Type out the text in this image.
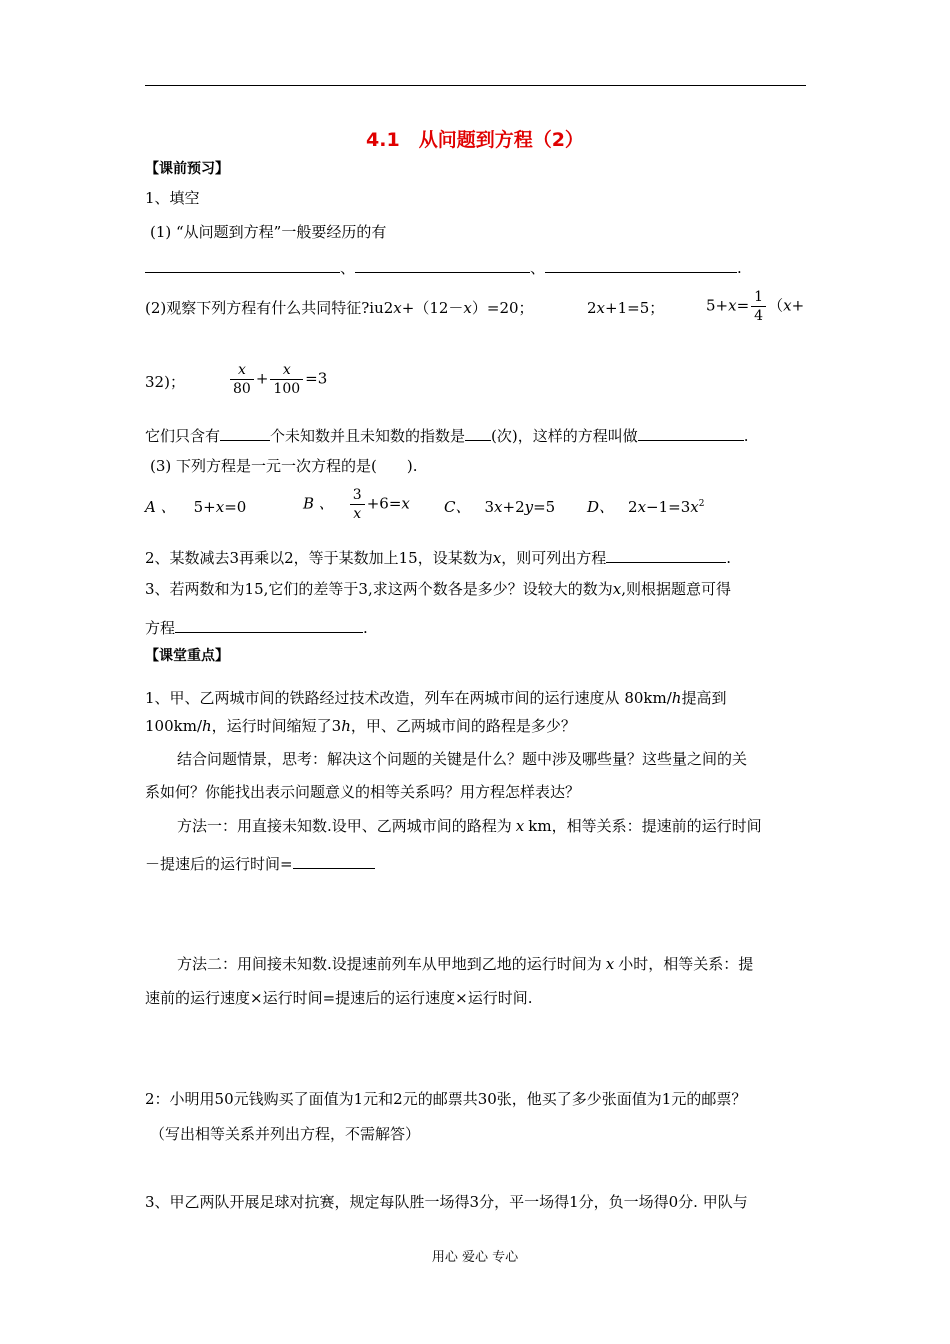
4.1　从问题到方程（2）
【课前预习】
1、填空
(1) “从问题到方程”一般要经历的有
、	、	.
(2)观察下列方程有什么共同特征?iu2x+（12－x）=20；	2x+1=5；	$5+x= \frac{1}{4} (x+$
32)；	$\frac{x}{80} + \frac{x}{100} =3$
它们只含有	个未知数并且未知数的指数是 (次)，这样的方程叫做	.
(3) 下列方程是一元一次方程的是(　　).
A 、 5+x=0	B 、 $\frac{3}{x} +6=x$ C、 3x+2y=5 D、 $2x-1=3x^2$
2、某数减去3再乘以2，等于某数加上15，设某数为x，则可列出方程	.
3、若两数和为15,它们的差等于3,求这两个数各是多少？设较大的数为x,则根据题意可得
方程	.
【课堂重点】
1、甲、乙两城市间的铁路经过技术改造，列车在两城市间的运行速度从 80km/h提高到
100km/h，运行时间缩短了3h，甲、乙两城市间的路程是多少？
结合问题情景，思考：解决这个问题的关键是什么？题中涉及哪些量？这些量之间的关
系如何？你能找出表示问题意义的相等关系吗？用方程怎样表达？
方法一：用直接未知数.设甲、乙两城市间的路程为 x km，相等关系：提速前的运行时间
－提速后的运行时间=
方法二：用间接未知数.设提速前列车从甲地到乙地的运行时间为 x 小时，相等关系：提
速前的运行速度×运行时间=提速后的运行速度×运行时间.
2：小明用50元钱购买了面值为1元和2元的邮票共30张，他买了多少张面值为1元的邮票？
（写出相等关系并列出方程，不需解答）
3、甲乙两队开展足球对抗赛，规定每队胜一场得3分，平一场得1分，负一场得0分. 甲队与
用心 爱心 专心
